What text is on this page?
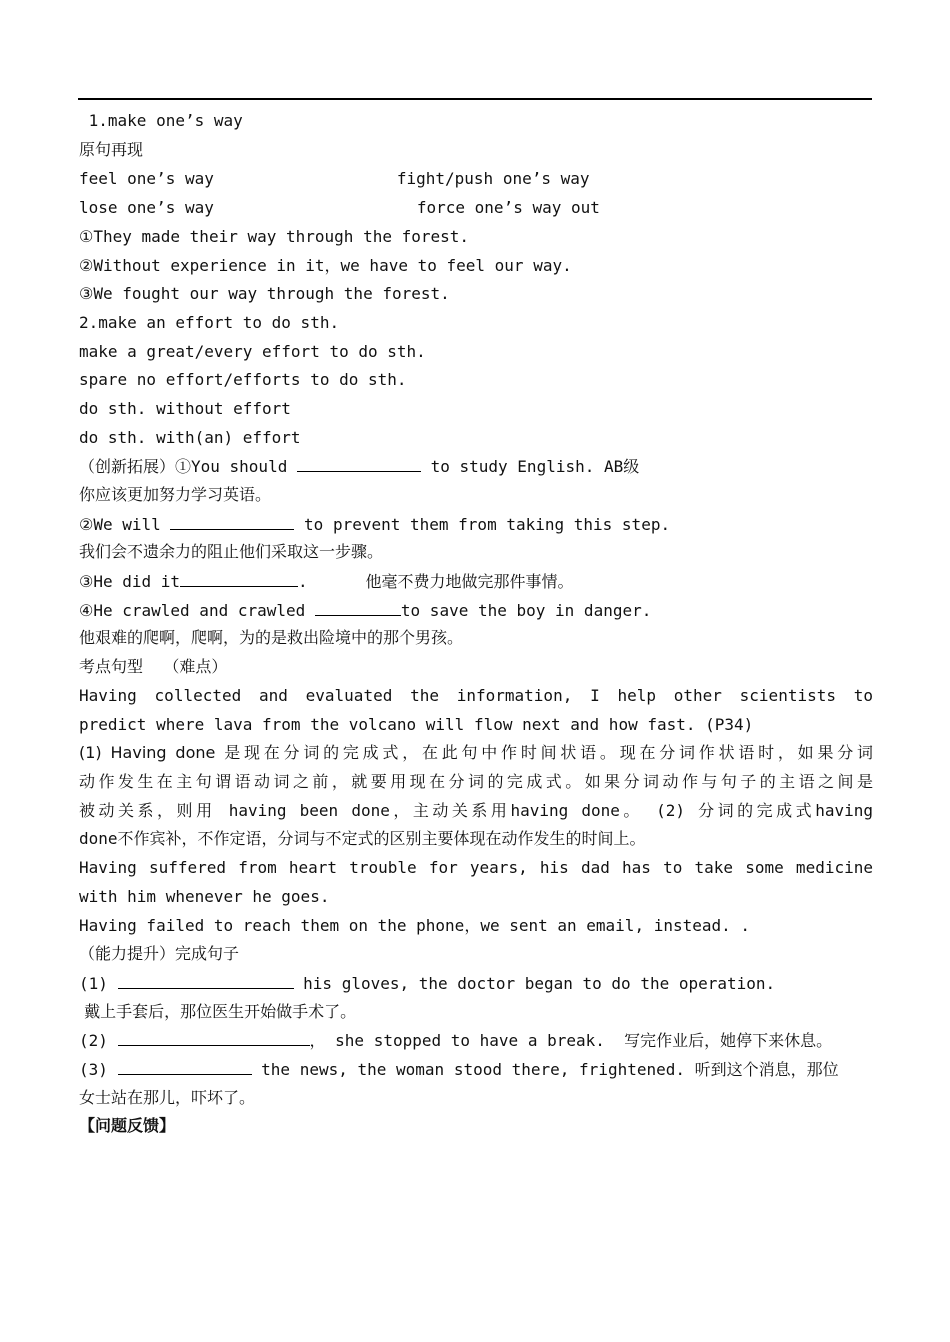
1.make one’s way
原句再现
feel one’s way	fight/push one’s way
lose one’s way	force one’s way out
①They made their way through the forest.
②Without experience in it，we have to feel our way.
③We fought our way through the forest.
2.make an effort to do sth.
make a great/every effort to do sth.
spare no effort/efforts to do sth.
do sth. without effort
do sth. with(an) effort
（创新拓展）①You should	to study English. AB级
你应该更加努力学习英语。
②We will	to prevent them from taking this step.
我们会不遗余力的阻止他们采取这一步骤。
③He did it	.      他毫不费力地做完那件事情。
④He crawled and crawled	to save the boy in danger.
他艰难的爬啊，爬啊，为的是救出险境中的那个男孩。
考点句型    （难点）
Having collected and evaluated the information, I help other scientists to
predict where lava from the volcano will flow next and how fast. (P34)
(1) Having done 是现在分词的完成式，在此句中作时间状语。现在分词作状语时，如果分词
动作发生在主句谓语动词之前，就要用现在分词的完成式。如果分词动作与句子的主语之间是
被动关系，则用 having been done，主动关系用having done。 (2) 分词的完成式having
done不作宾补，不作定语，分词与不定式的区别主要体现在动作发生的时间上。
Having suffered from heart trouble for years, his dad has to take some medicine
with him whenever he goes.
Having failed to reach them on the phone，we sent an email, instead. .
（能力提升）完成句子
(1)	his gloves, the doctor began to do the operation.
戴上手套后，那位医生开始做手术了。
(2)	， she stopped to have a break.  写完作业后，她停下来休息。
(3)	the news, the woman stood there, frightened. 听到这个消息，那位
女士站在那儿，吓坏了。
【问题反馈】
